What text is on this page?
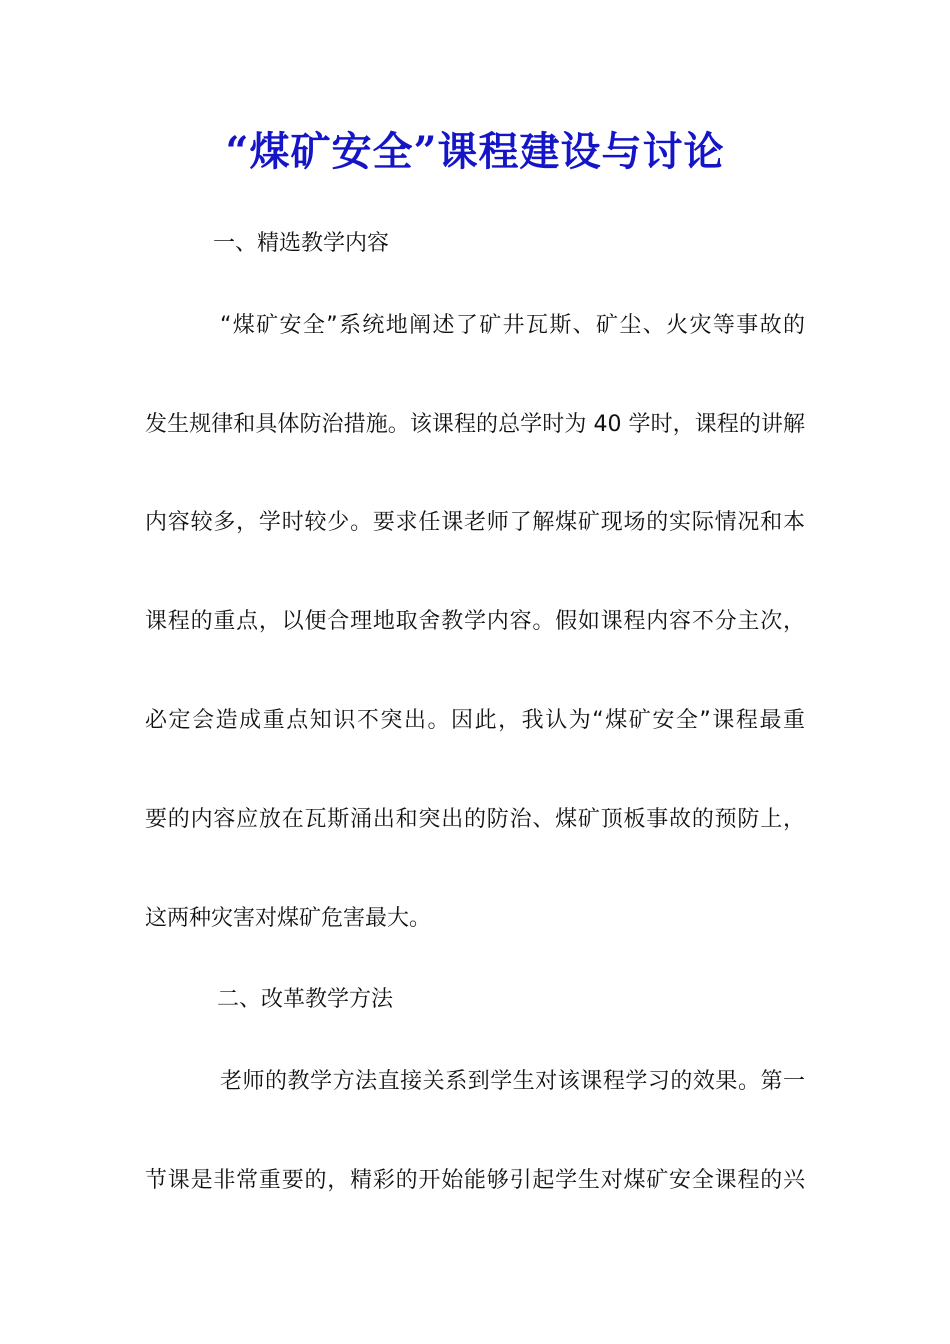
“煤矿安全”课程建设与讨论
一、精选教学内容
“煤矿安全”系统地阐述了矿井瓦斯、矿尘、火灾等事故的
发生规律和具体防治措施。该课程的总学时为 40 学时，课程的讲解
内容较多，学时较少。要求任课老师了解煤矿现场的实际情况和本
课程的重点，以便合理地取舍教学内容。假如课程内容不分主次，
必定会造成重点知识不突出。因此，我认为“煤矿安全”课程最重
要的内容应放在瓦斯涌出和突出的防治、煤矿顶板事故的预防上，
这两种灾害对煤矿危害最大。
二、改革教学方法
老师的教学方法直接关系到学生对该课程学习的效果。第一
节课是非常重要的，精彩的开始能够引起学生对煤矿安全课程的兴
